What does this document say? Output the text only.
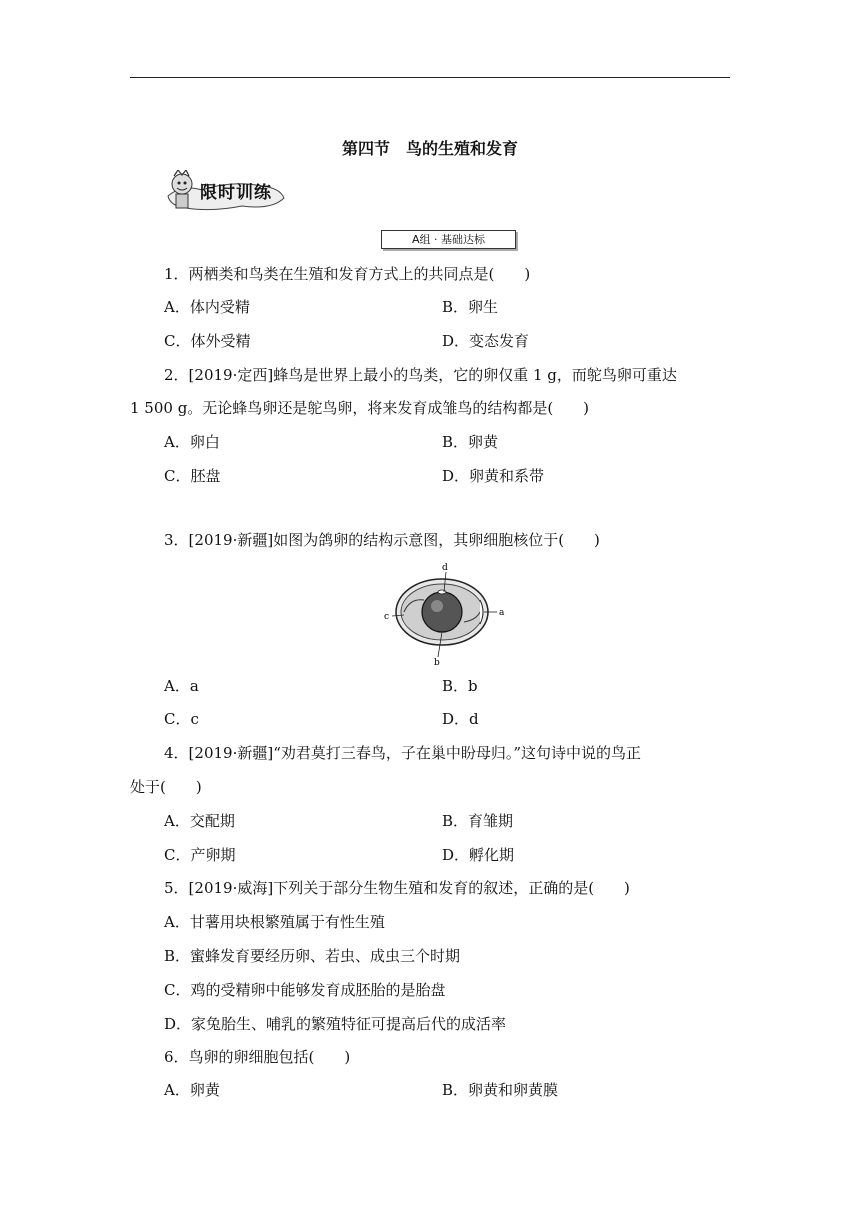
第四节　鸟的生殖和发育
限时训练
A组 · 基础达标
1．两栖类和鸟类在生殖和发育方式上的共同点是(　　)
A．体内受精	B．卵生
C．体外受精	D．变态发育
2．[2019·定西]蜂鸟是世界上最小的鸟类，它的卵仅重 1 g，而鸵鸟卵可重达
1 500 g。无论蜂鸟卵还是鸵鸟卵，将来发育成雏鸟的结构都是(　　)
A．卵白	B．卵黄
C．胚盘	D．卵黄和系带
3．[2019·新疆]如图为鸽卵的结构示意图，其卵细胞核位于(　　)
d
a
b
c
A．a	B．b
C．c	D．d
4．[2019·新疆]“劝君莫打三春鸟，子在巢中盼母归。”这句诗中说的鸟正
处于(　　)
A．交配期	B．育雏期
C．产卵期	D．孵化期
5．[2019·威海]下列关于部分生物生殖和发育的叙述，正确的是(　　)
A．甘薯用块根繁殖属于有性生殖
B．蜜蜂发育要经历卵、若虫、成虫三个时期
C．鸡的受精卵中能够发育成胚胎的是胎盘
D．家兔胎生、哺乳的繁殖特征可提高后代的成活率
6．鸟卵的卵细胞包括(　　)
A．卵黄	B．卵黄和卵黄膜
